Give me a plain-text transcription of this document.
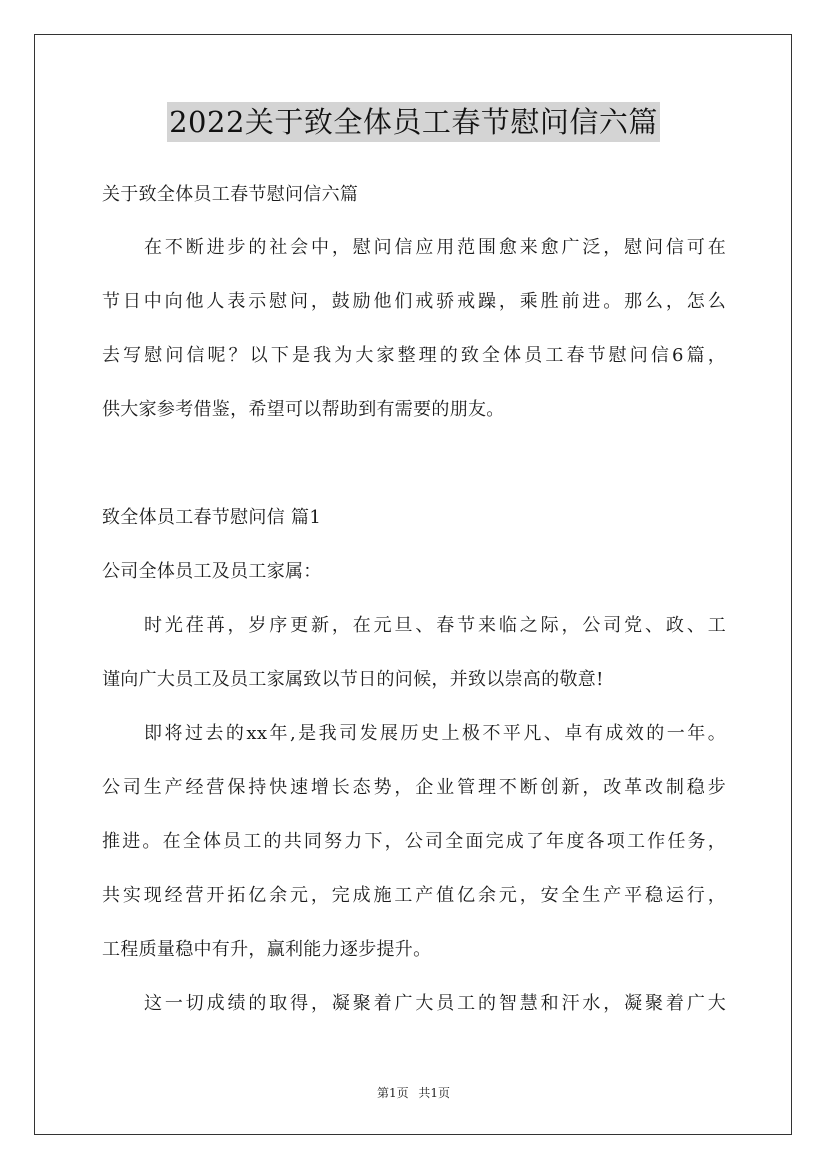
2022关于致全体员工春节慰问信六篇
关于致全体员工春节慰问信六篇
在不断进步的社会中，慰问信应用范围愈来愈广泛，慰问信可在
节日中向他人表示慰问，鼓励他们戒骄戒躁，乘胜前进。那么，怎么
去写慰问信呢？以下是我为大家整理的致全体员工春节慰问信6篇，
供大家参考借鉴，希望可以帮助到有需要的朋友。
致全体员工春节慰问信 篇1
公司全体员工及员工家属：
时光荏苒，岁序更新，在元旦、春节来临之际，公司党、政、工
谨向广大员工及员工家属致以节日的问候，并致以崇高的敬意!
即将过去的xx年,是我司发展历史上极不平凡、卓有成效的一年。
公司生产经营保持快速增长态势，企业管理不断创新，改革改制稳步
推进。在全体员工的共同努力下，公司全面完成了年度各项工作任务，
共实现经营开拓亿余元，完成施工产值亿余元，安全生产平稳运行，
工程质量稳中有升，赢利能力逐步提升。
这一切成绩的取得，凝聚着广大员工的智慧和汗水，凝聚着广大
第1页 共1页
